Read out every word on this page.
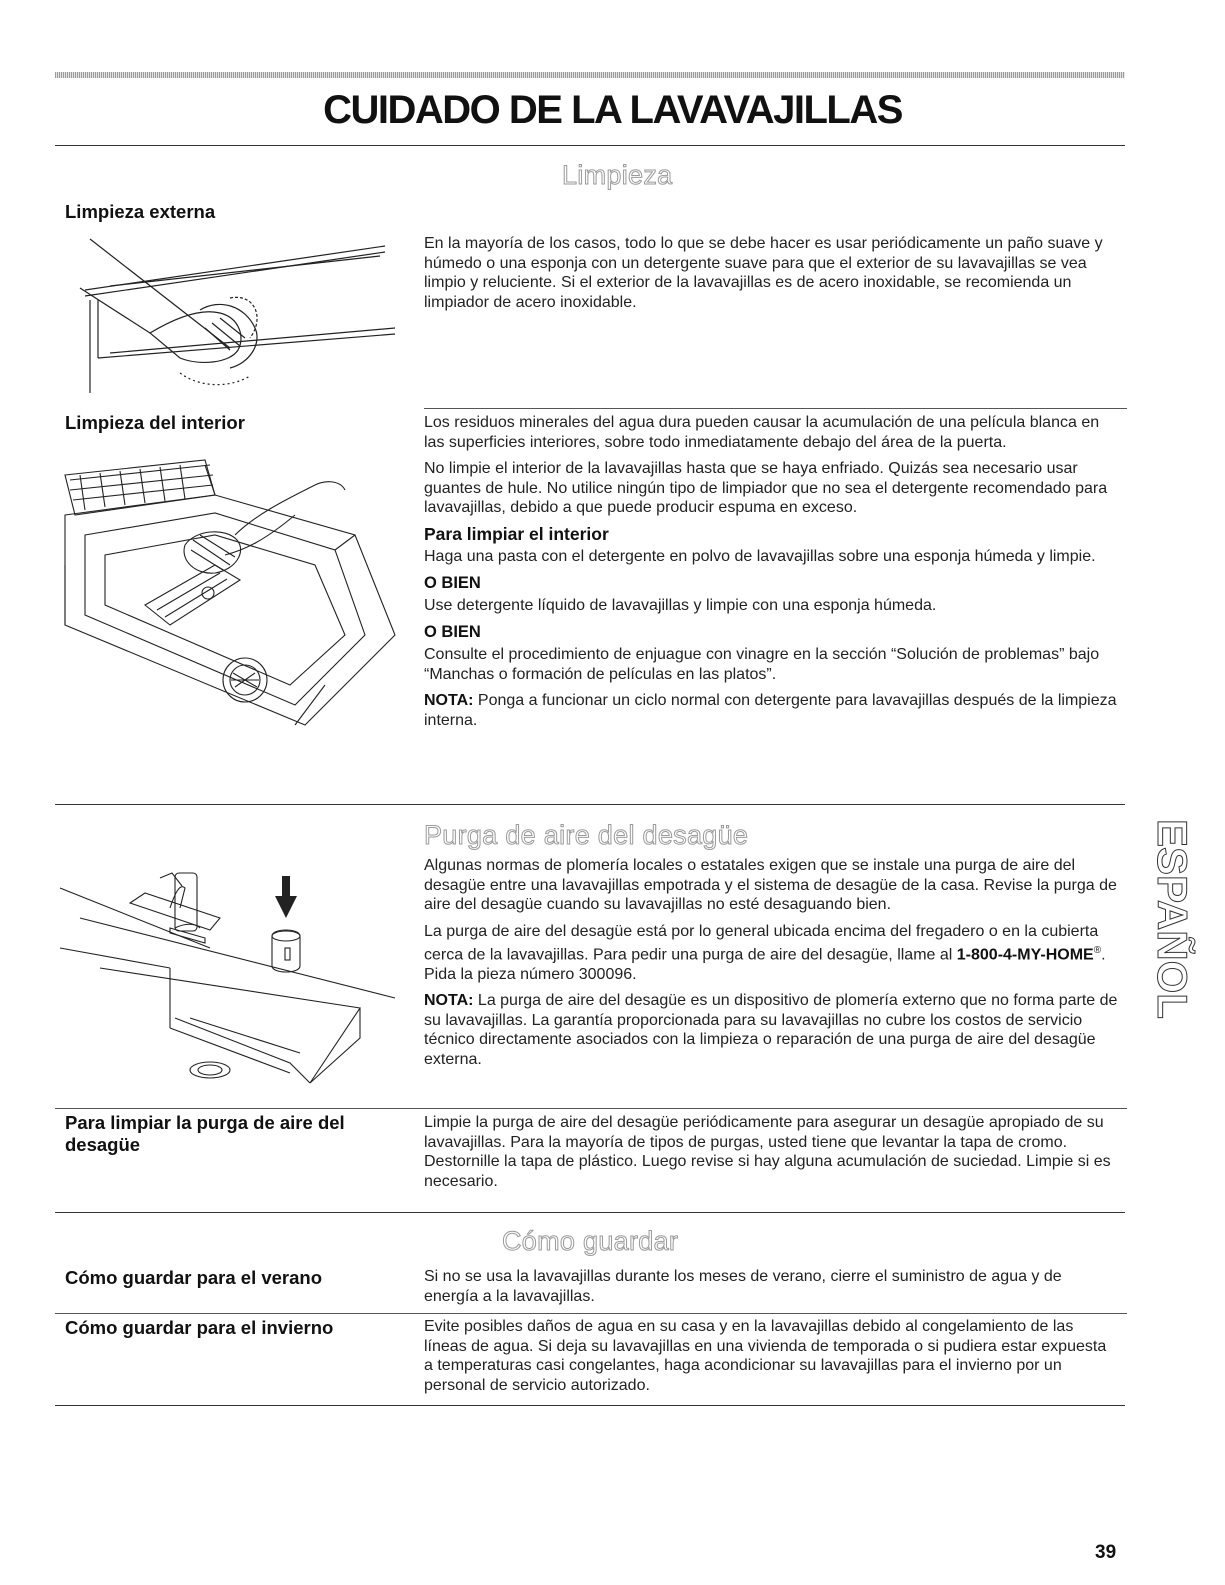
CUIDADO DE LA LAVAVAJILLAS
Limpieza
Limpieza externa

En la mayoría de los casos, todo lo que se debe hacer es usar periódicamente un paño suave y húmedo o una esponja con un detergente suave para que el exterior de su lavavajillas se vea limpio y reluciente. Si el exterior de la lavavajillas es de acero inoxidable, se recomienda un limpiador de acero inoxidable.

Limpieza del interior	Los residuos minerales del agua dura pueden causar la acumulación de una película blanca en las superficies interiores, sobre todo inmediatamente debajo del área de la puerta.

No limpie el interior de la lavavajillas hasta que se haya enfriado. Quizás sea necesario usar guantes de hule. No utilice ningún tipo de limpiador que no sea el detergente recomendado para lavavajillas, debido a que puede producir espuma en exceso.

Para limpiar el interior

Haga una pasta con el detergente en polvo de lavavajillas sobre una esponja húmeda y limpie.

O BIEN

Use detergente líquido de lavavajillas y limpie con una esponja húmeda.

O BIEN

Consulte el procedimiento de enjuague con vinagre en la sección “Solución de problemas” bajo “Manchas o formación de películas en las platos”.

NOTA: Ponga a funcionar un ciclo normal con detergente para lavavajillas después de la limpieza interna.

Purga de aire del desagüe

Algunas normas de plomería locales o estatales exigen que se instale una purga de aire del desagüe entre una lavavajillas empotrada y el sistema de desagüe de la casa. Revise la purga de aire del desagüe cuando su lavavajillas no esté desaguando bien.

La purga de aire del desagüe está por lo general ubicada encima del fregadero o en la cubierta cerca de la lavavajillas. Para pedir una purga de aire del desagüe, llame al 1-800-4-MY-HOME®. Pida la pieza número 300096.

NOTA: La purga de aire del desagüe es un dispositivo de plomería externo que no forma parte de su lavavajillas. La garantía proporcionada para su lavavajillas no cubre los costos de servicio técnico directamente asociados con la limpieza o reparación de una purga de aire del desagüe externa.

Para limpiar la purga de aire del desagüe

Limpie la purga de aire del desagüe periódicamente para asegurar un desagüe apropiado de su lavavajillas. Para la mayoría de tipos de purgas, usted tiene que levantar la tapa de cromo. Destornille la tapa de plástico. Luego revise si hay alguna acumulación de suciedad. Limpie si es necesario.

Cómo guardar
Cómo guardar para el verano	Si no se usa la lavavajillas durante los meses de verano, cierre el suministro de agua y de energía a la lavavajillas.

Cómo guardar para el invierno	Evite posibles daños de agua en su casa y en la lavavajillas debido al congelamiento de las líneas de agua. Si deja su lavavajillas en una vivienda de temporada o si pudiera estar expuesta a temperaturas casi congelantes, haga acondicionar su lavavajillas para el invierno por un personal de servicio autorizado.

ESPAÑOL
39
